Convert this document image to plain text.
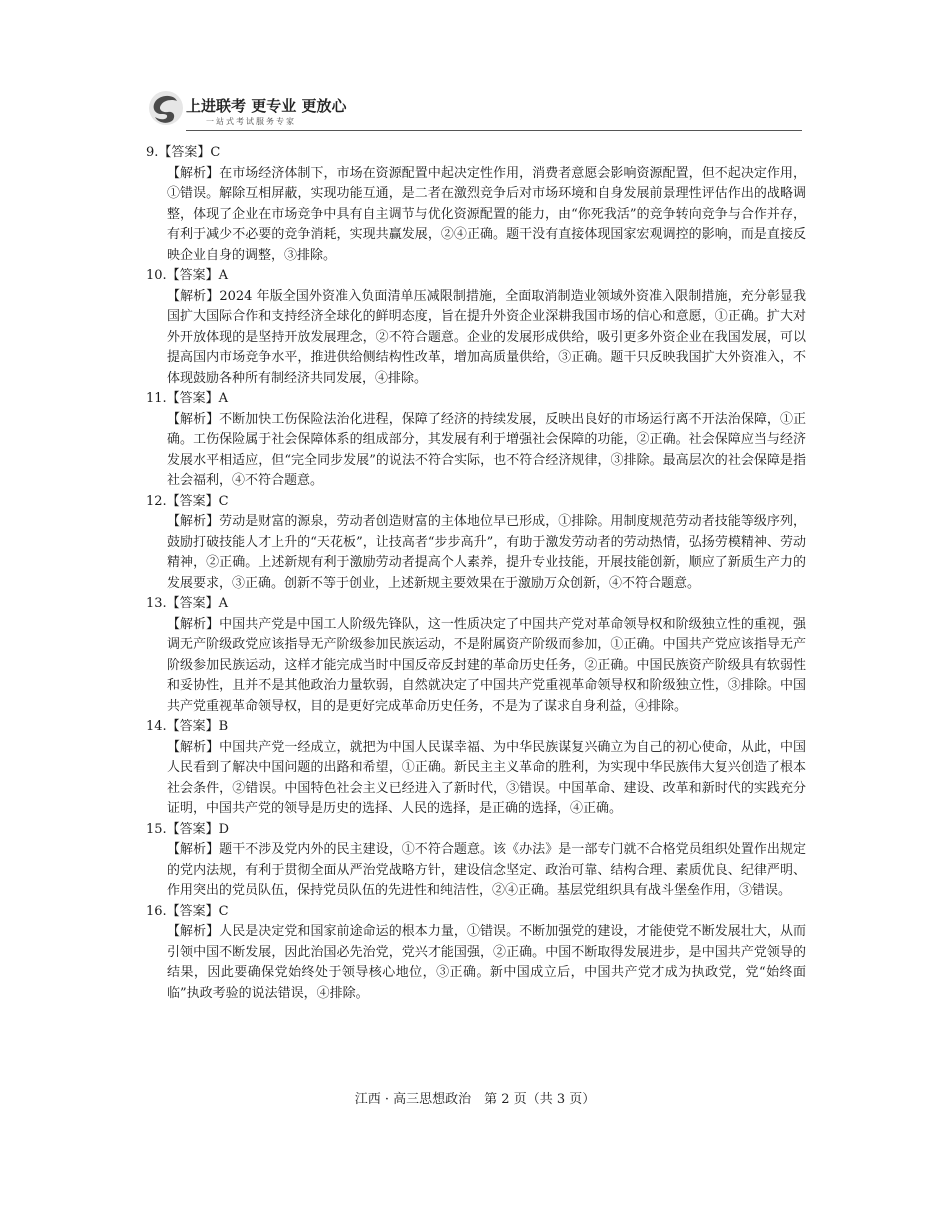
上进联考 更专业 更放心
一站式考试服务专家
9.【答案】C
【解析】在市场经济体制下，市场在资源配置中起决定性作用，消费者意愿会影响资源配置，但不起决定作用，①错误。解除互相屏蔽，实现功能互通，是二者在激烈竞争后对市场环境和自身发展前景理性评估作出的战略调整，体现了企业在市场竞争中具有自主调节与优化资源配置的能力，由“你死我活”的竞争转向竞争与合作并存，有利于减少不必要的竞争消耗，实现共赢发展，②④正确。题干没有直接体现国家宏观调控的影响，而是直接反映企业自身的调整，③排除。
10.【答案】A
【解析】2024 年版全国外资准入负面清单压减限制措施，全面取消制造业领域外资准入限制措施，充分彰显我国扩大国际合作和支持经济全球化的鲜明态度，旨在提升外资企业深耕我国市场的信心和意愿，①正确。扩大对外开放体现的是坚持开放发展理念，②不符合题意。企业的发展形成供给，吸引更多外资企业在我国发展，可以提高国内市场竞争水平，推进供给侧结构性改革，增加高质量供给，③正确。题干只反映我国扩大外资准入，不体现鼓励各种所有制经济共同发展，④排除。
11.【答案】A
【解析】不断加快工伤保险法治化进程，保障了经济的持续发展，反映出良好的市场运行离不开法治保障，①正确。工伤保险属于社会保障体系的组成部分，其发展有利于增强社会保障的功能，②正确。社会保障应当与经济发展水平相适应，但“完全同步发展”的说法不符合实际，也不符合经济规律，③排除。最高层次的社会保障是指社会福利，④不符合题意。
12.【答案】C
【解析】劳动是财富的源泉，劳动者创造财富的主体地位早已形成，①排除。用制度规范劳动者技能等级序列，鼓励打破技能人才上升的“天花板”，让技高者“步步高升”，有助于激发劳动者的劳动热情，弘扬劳模精神、劳动精神，②正确。上述新规有利于激励劳动者提高个人素养，提升专业技能，开展技能创新，顺应了新质生产力的发展要求，③正确。创新不等于创业，上述新规主要效果在于激励万众创新，④不符合题意。
13.【答案】A
【解析】中国共产党是中国工人阶级先锋队，这一性质决定了中国共产党对革命领导权和阶级独立性的重视，强调无产阶级政党应该指导无产阶级参加民族运动，不是附属资产阶级而参加，①正确。中国共产党应该指导无产阶级参加民族运动，这样才能完成当时中国反帝反封建的革命历史任务，②正确。中国民族资产阶级具有软弱性和妥协性，且并不是其他政治力量软弱，自然就决定了中国共产党重视革命领导权和阶级独立性，③排除。中国共产党重视革命领导权，目的是更好完成革命历史任务，不是为了谋求自身利益，④排除。
14.【答案】B
【解析】中国共产党一经成立，就把为中国人民谋幸福、为中华民族谋复兴确立为自己的初心使命，从此，中国人民看到了解决中国问题的出路和希望，①正确。新民主主义革命的胜利，为实现中华民族伟大复兴创造了根本社会条件，②错误。中国特色社会主义已经进入了新时代，③错误。中国革命、建设、改革和新时代的实践充分证明，中国共产党的领导是历史的选择、人民的选择，是正确的选择，④正确。
15.【答案】D
【解析】题干不涉及党内外的民主建设，①不符合题意。该《办法》是一部专门就不合格党员组织处置作出规定的党内法规，有利于贯彻全面从严治党战略方针，建设信念坚定、政治可靠、结构合理、素质优良、纪律严明、作用突出的党员队伍，保持党员队伍的先进性和纯洁性，②④正确。基层党组织具有战斗堡垒作用，③错误。
16.【答案】C
【解析】人民是决定党和国家前途命运的根本力量，①错误。不断加强党的建设，才能使党不断发展壮大，从而引领中国不断发展，因此治国必先治党，党兴才能国强，②正确。中国不断取得发展进步，是中国共产党领导的结果，因此要确保党始终处于领导核心地位，③正确。新中国成立后，中国共产党才成为执政党，党“始终面临”执政考验的说法错误，④排除。
江西 · 高三思想政治　第 2 页（共 3 页）
